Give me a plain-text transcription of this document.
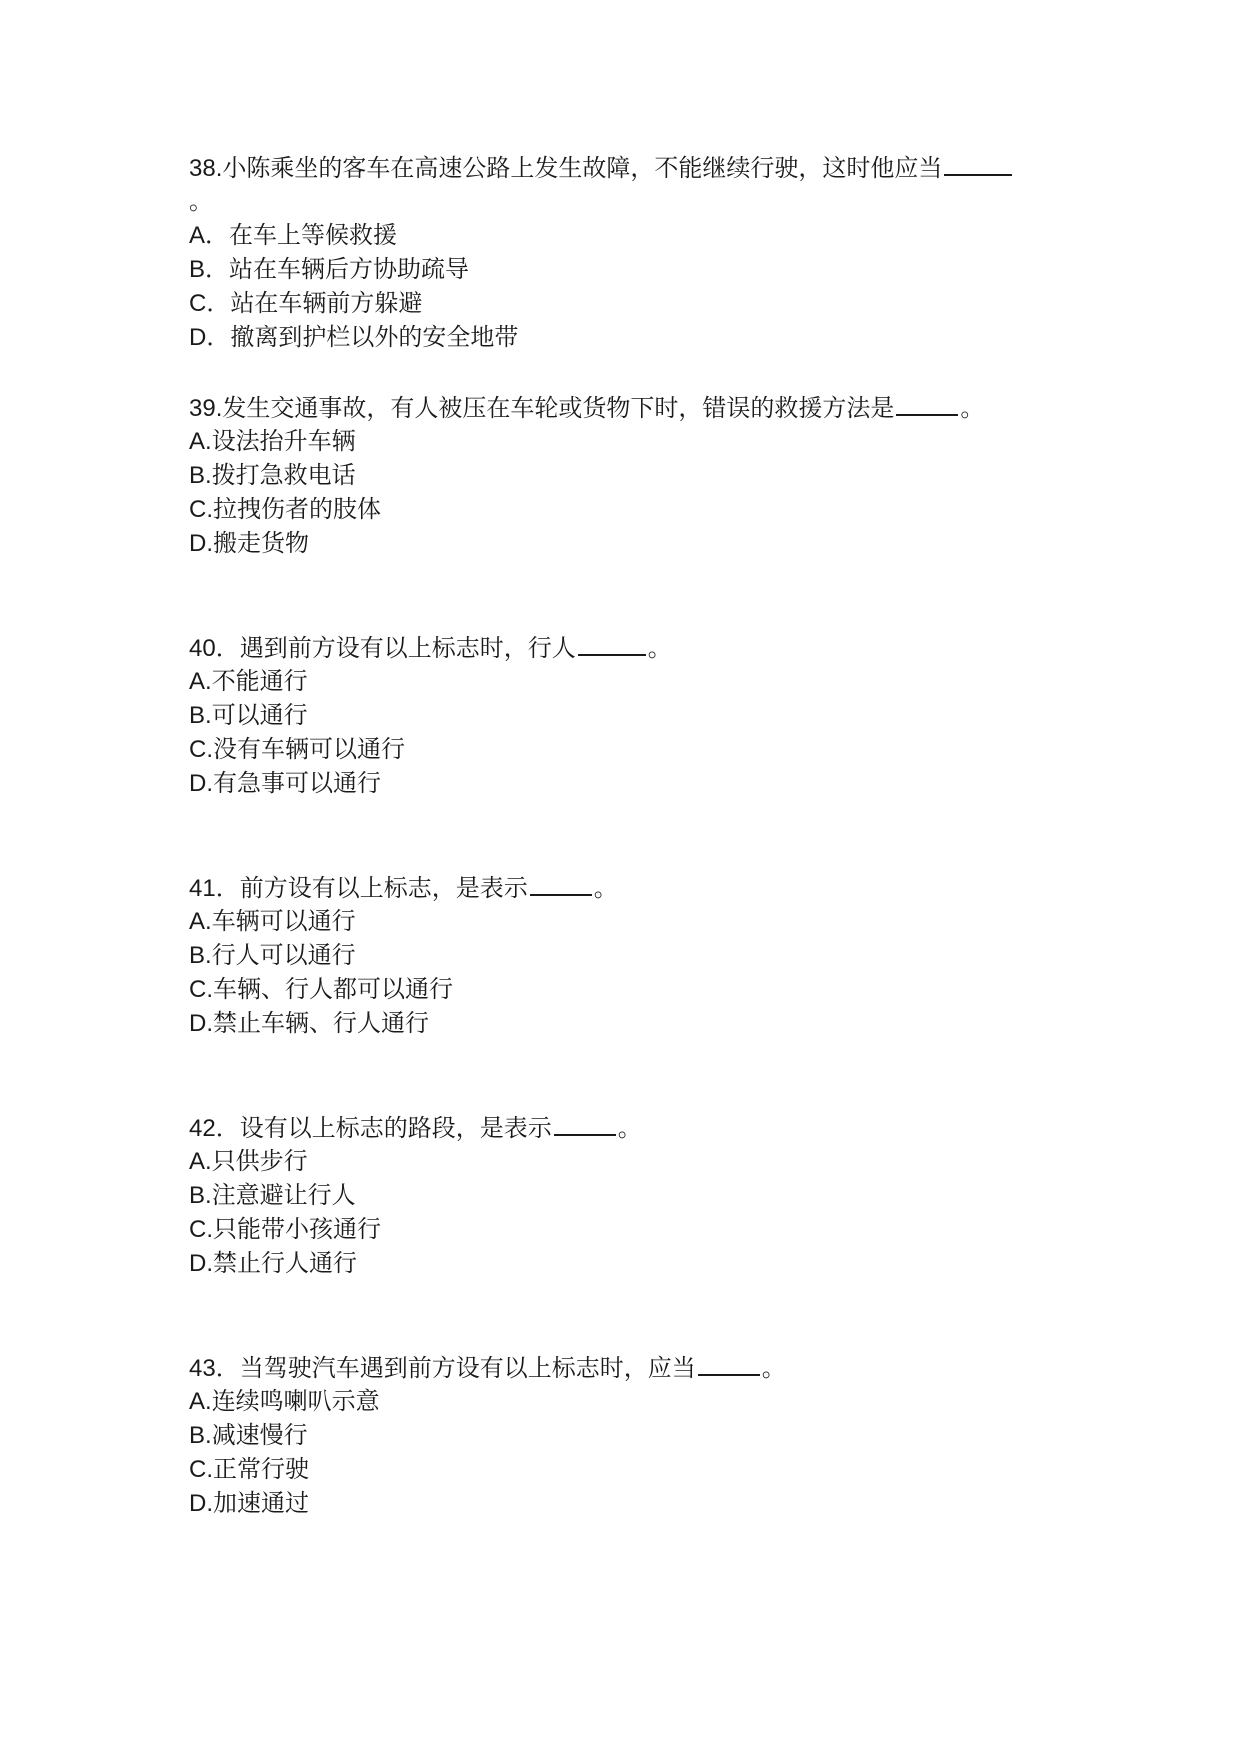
38.小陈乘坐的客车在高速公路上发生故障，不能继续行驶，这时他应当
。
A．在车上等候救援
B．站在车辆后方协助疏导
C．站在车辆前方躲避
D．撤离到护栏以外的安全地带
39.发生交通事故，有人被压在车轮或货物下时，错误的救援方法是	。
A.设法抬升车辆
B.拨打急救电话
C.拉拽伤者的肢体
D.搬走货物
40．遇到前方设有以上标志时，行人	。
A.不能通行
B.可以通行
C.没有车辆可以通行
D.有急事可以通行
41．前方设有以上标志，是表示	。
A.车辆可以通行
B.行人可以通行
C.车辆、行人都可以通行
D.禁止车辆、行人通行
42．设有以上标志的路段，是表示	。
A.只供步行
B.注意避让行人
C.只能带小孩通行
D.禁止行人通行
43．当驾驶汽车遇到前方设有以上标志时，应当	。
A.连续鸣喇叭示意
B.减速慢行
C.正常行驶
D.加速通过
